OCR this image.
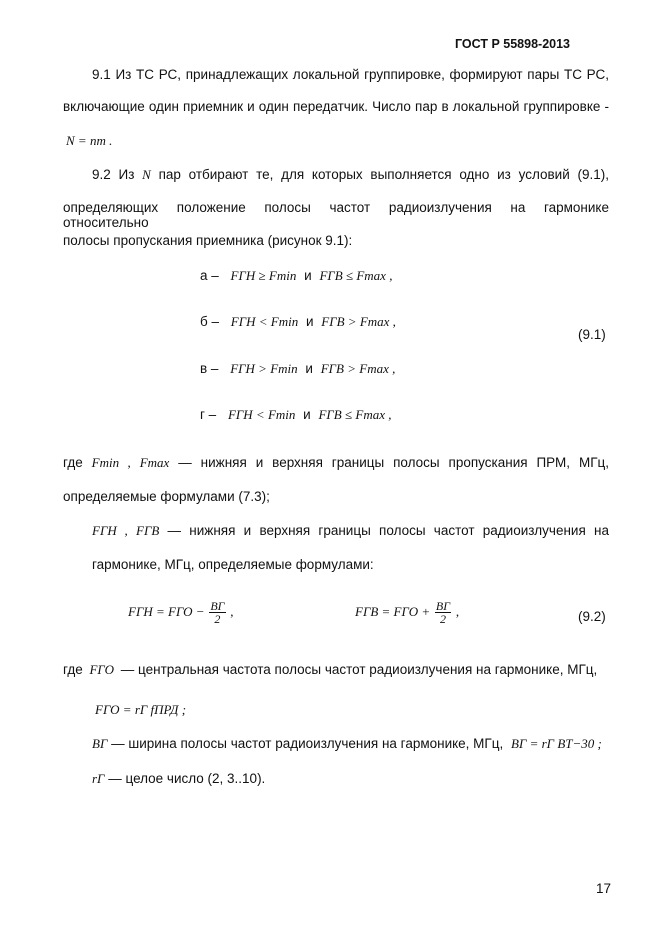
ГОСТ Р 55898-2013
9.1 Из ТС РС, принадлежащих локальной группировке, формируют пары ТС РС,
включающие один приемник и один передатчик. Число пар в локальной группировке -
N = nm .
9.2 Из N пар отбирают те, для которых выполняется одно из условий (9.1),
определяющих положение полосы частот радиоизлучения на гармонике относительно
полосы пропускания приемника (рисунок 9.1):
а – FГН ≥ Fmin и FГВ ≤ Fmax ,
б – FГН < Fmin и FГВ > Fmax ,
в – FГН > Fmin и FГВ > Fmax ,
г – FГН < Fmin и FГВ ≤ Fmax ,
(9.1)
где Fmin , Fmax — нижняя и верхняя границы полосы пропускания ПРМ, МГц,
определяемые формулами (7.3);
FГН , FГВ — нижняя и верхняя границы полосы частот радиоизлучения на
гармонике, МГц, определяемые формулами:
FГН = FГО − $\frac{BГ}{2}$ ,	FГВ = FГО + $\frac{BГ}{2}$ ,	(9.2)
где FГО — центральная частота полосы частот радиоизлучения на гармонике, МГц,
FГО = rГ fПРД ;
BГ — ширина полосы частот радиоизлучения на гармонике, МГц, BГ = rГ BТ−30 ;
rГ — целое число (2, 3..10).
17
